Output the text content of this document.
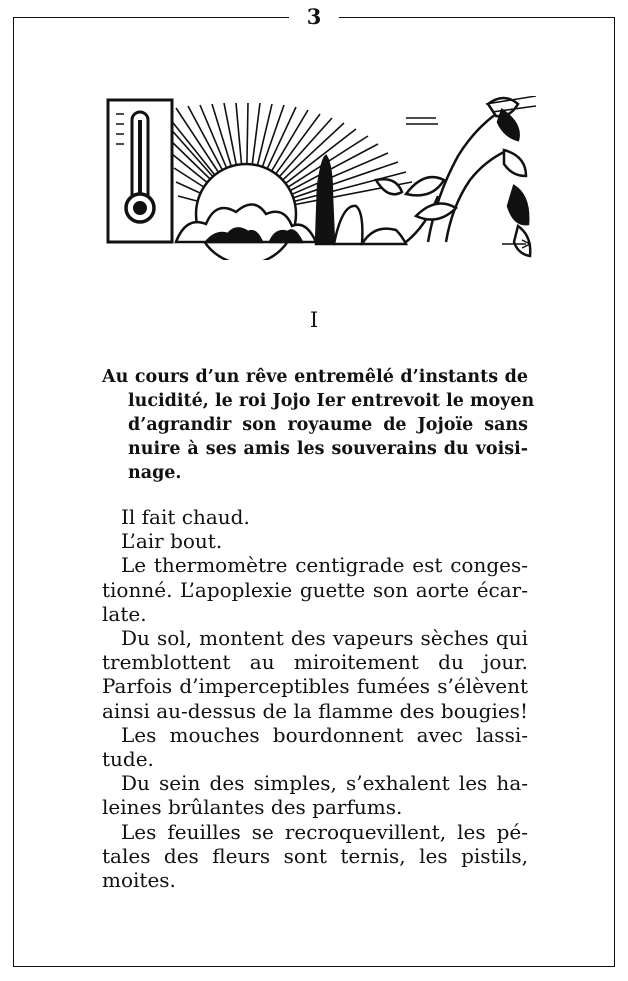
3
I
Au cours d’un rêve entremêlé d’instants de
lucidité, le roi Jojo Ier entrevoit le moyen
d’agrandir son royaume de Jojoïe sans
nuire à ses amis les souverains du voisi-
nage.
Il fait chaud.
L’air bout.
Le thermomètre centigrade est conges-
tionné. L’apoplexie guette son aorte écar-
late.
Du sol, montent des vapeurs sèches qui
tremblottent au miroitement du jour.
Parfois d’imperceptibles fumées s’élèvent
ainsi au-dessus de la flamme des bougies!
Les mouches bourdonnent avec lassi-
tude.
Du sein des simples, s’exhalent les ha-
leines brûlantes des parfums.
Les feuilles se recroquevillent, les pé-
tales des fleurs sont ternis, les pistils,
moites.
